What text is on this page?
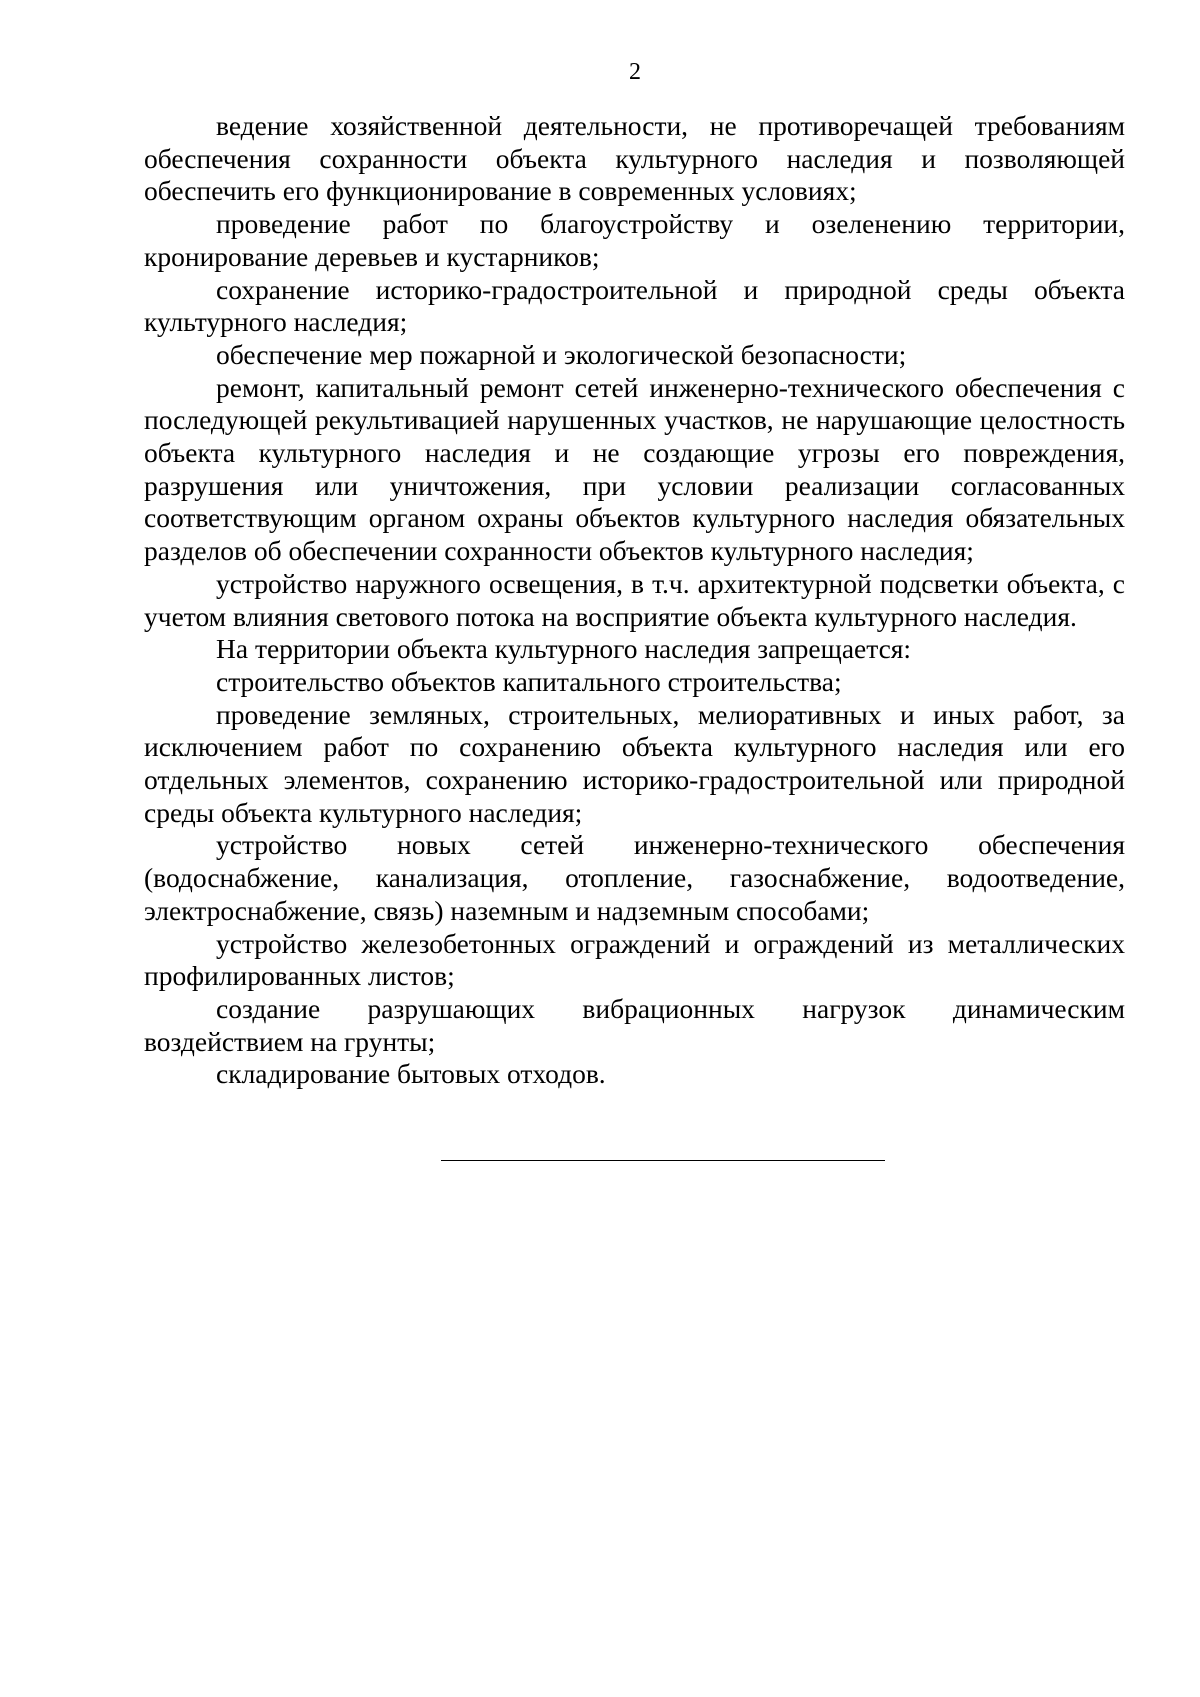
2

ведение хозяйственной деятельности, не противоречащей требованиям обеспечения сохранности объекта культурного наследия и позволяющей обеспечить его функционирование в современных условиях;

проведение работ по благоустройству и озеленению территории, кронирование деревьев и кустарников;

сохранение историко-градостроительной и природной среды объекта культурного наследия;

обеспечение мер пожарной и экологической безопасности;

ремонт, капитальный ремонт сетей инженерно-технического обеспечения с последующей рекультивацией нарушенных участков, не нарушающие целостность объекта культурного наследия и не создающие угрозы его повреждения, разрушения или уничтожения, при условии реализации согласованных соответствующим органом охраны объектов культурного наследия обязательных разделов об обеспечении сохранности объектов культурного наследия;

устройство наружного освещения, в т.ч. архитектурной подсветки объекта, с учетом влияния светового потока на восприятие объекта культурного наследия.

На территории объекта культурного наследия запрещается:

строительство объектов капитального строительства;

проведение земляных, строительных, мелиоративных и иных работ, за исключением работ по сохранению объекта культурного наследия или его отдельных элементов, сохранению историко-градостроительной или природной среды объекта культурного наследия;

устройство новых сетей инженерно-технического обеспечения (водоснабжение, канализация, отопление, газоснабжение, водоотведение, электроснабжение, связь) наземным и надземным способами;

устройство железобетонных ограждений и ограждений из металлических профилированных листов;

создание разрушающих вибрационных нагрузок динамическим воздействием на грунты;

складирование бытовых отходов.
